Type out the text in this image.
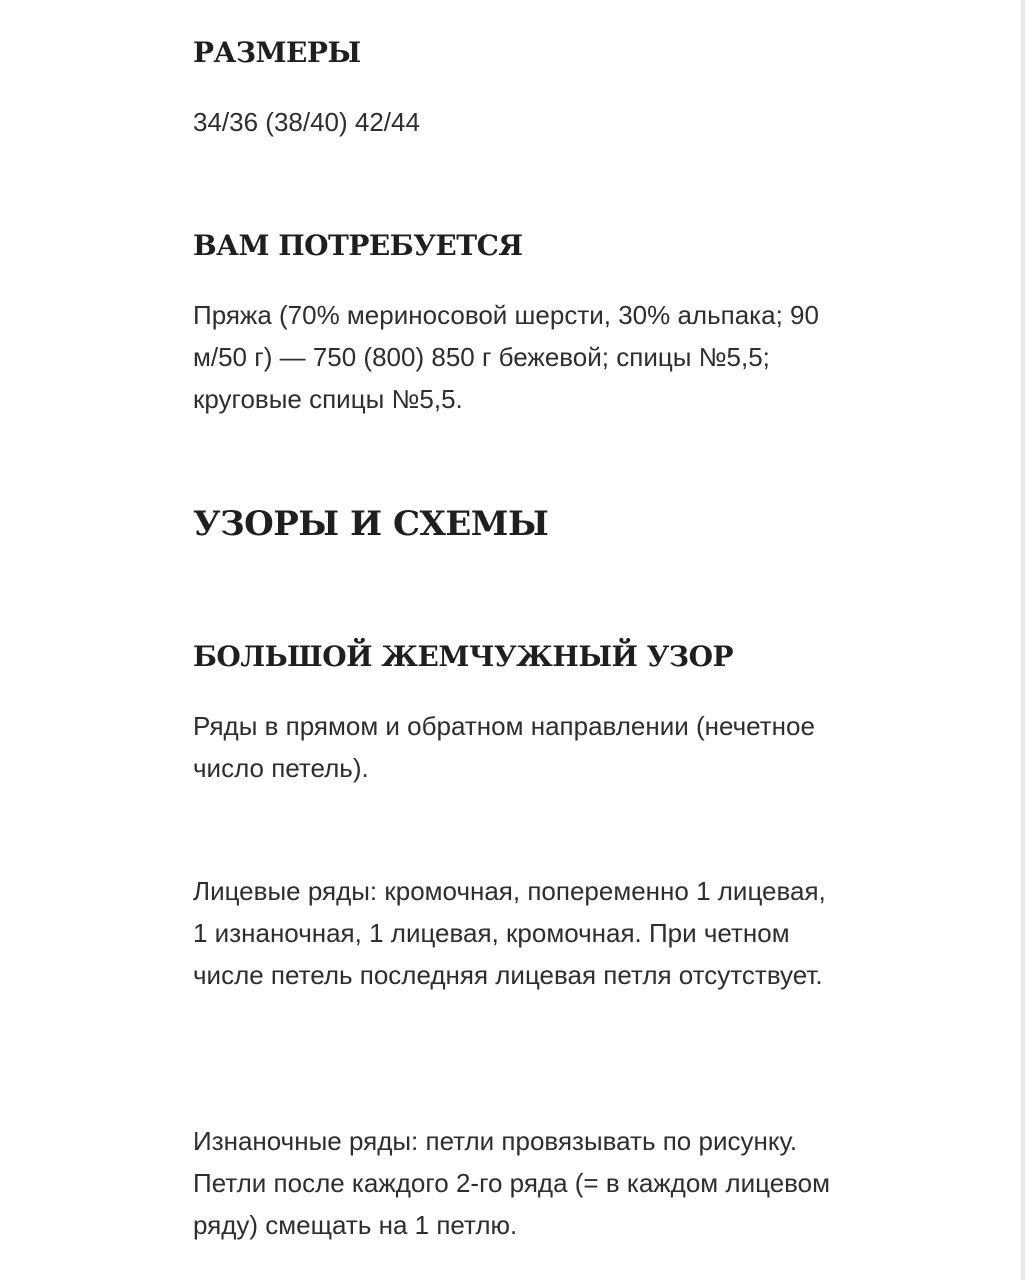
РАЗМЕРЫ

34/36 (38/40) 42/44

ВАМ ПОТРЕБУЕТСЯ

Пряжа (70% мериносовой шерсти, 30% альпака; 90 м/50 г) — 750 (800) 850 г бежевой; спицы №5,5; круговые спицы №5,5.

УЗОРЫ И СХЕМЫ
БОЛЬШОЙ ЖЕМЧУЖНЫЙ УЗОР

Ряды в прямом и обратном направлении (нечетное число петель).

Лицевые ряды: кромочная, попеременно 1 лицевая, 1 изнаночная, 1 лицевая, кромочная. При четном числе петель последняя лицевая петля отсутствует.

Изнаночные ряды: петли провязывать по рисунку. Петли после каждого 2-го ряда (= в каждом лицевом ряду) смещать на 1 петлю.
